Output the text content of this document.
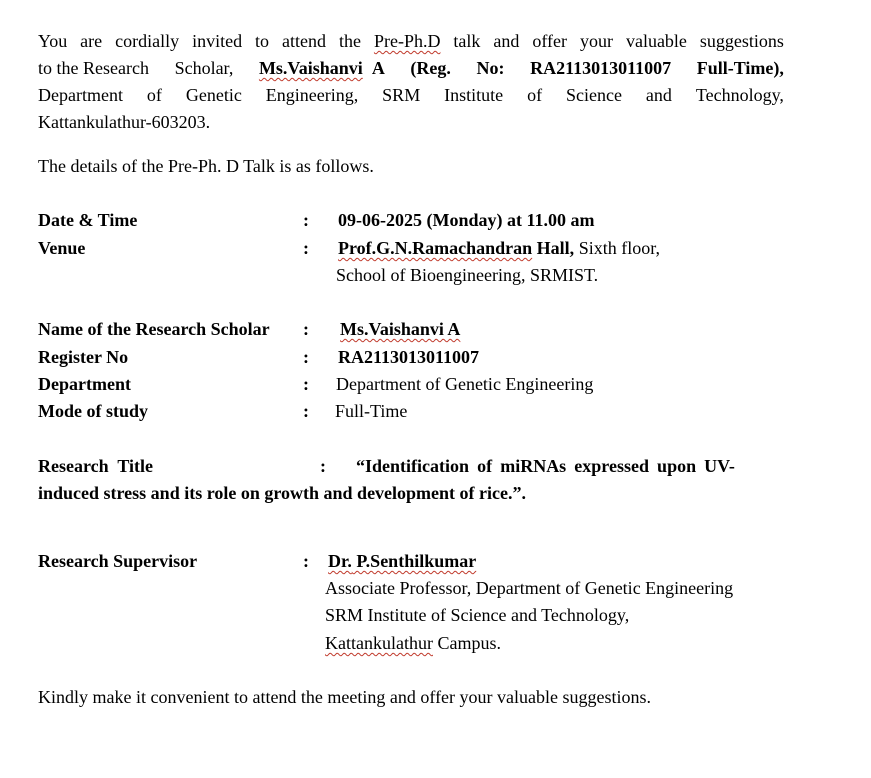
You are cordially invited to attend the Pre-Ph.D talk and offer your valuable suggestions
to the Research Scholar, Ms.Vaishanvi A (Reg. No: RA2113013011007 Full-Time),
Department of Genetic Engineering, SRM Institute of Science and Technology,
Kattankulathur-603203.
The details of the Pre-Ph. D Talk is as follows.
Date & Time	: 09-06-2025 (Monday) at 11.00 am
Venue	: Prof.G.N.Ramachandran Hall, Sixth floor,
School of Bioengineering, SRMIST.
Name of the Research Scholar : Ms.Vaishanvi A
Register No	: RA2113013011007
Department	: Department of Genetic Engineering
Mode of study	: Full-Time
Research  Title	: “Identification of miRNAs expressed upon UV-
induced stress and its role on growth and development of rice.”.
Research Supervisor	: Dr. P.Senthilkumar
Associate Professor, Department of Genetic Engineering
SRM Institute of Science and Technology,
Kattankulathur Campus.
Kindly make it convenient to attend the meeting and offer your valuable suggestions.
